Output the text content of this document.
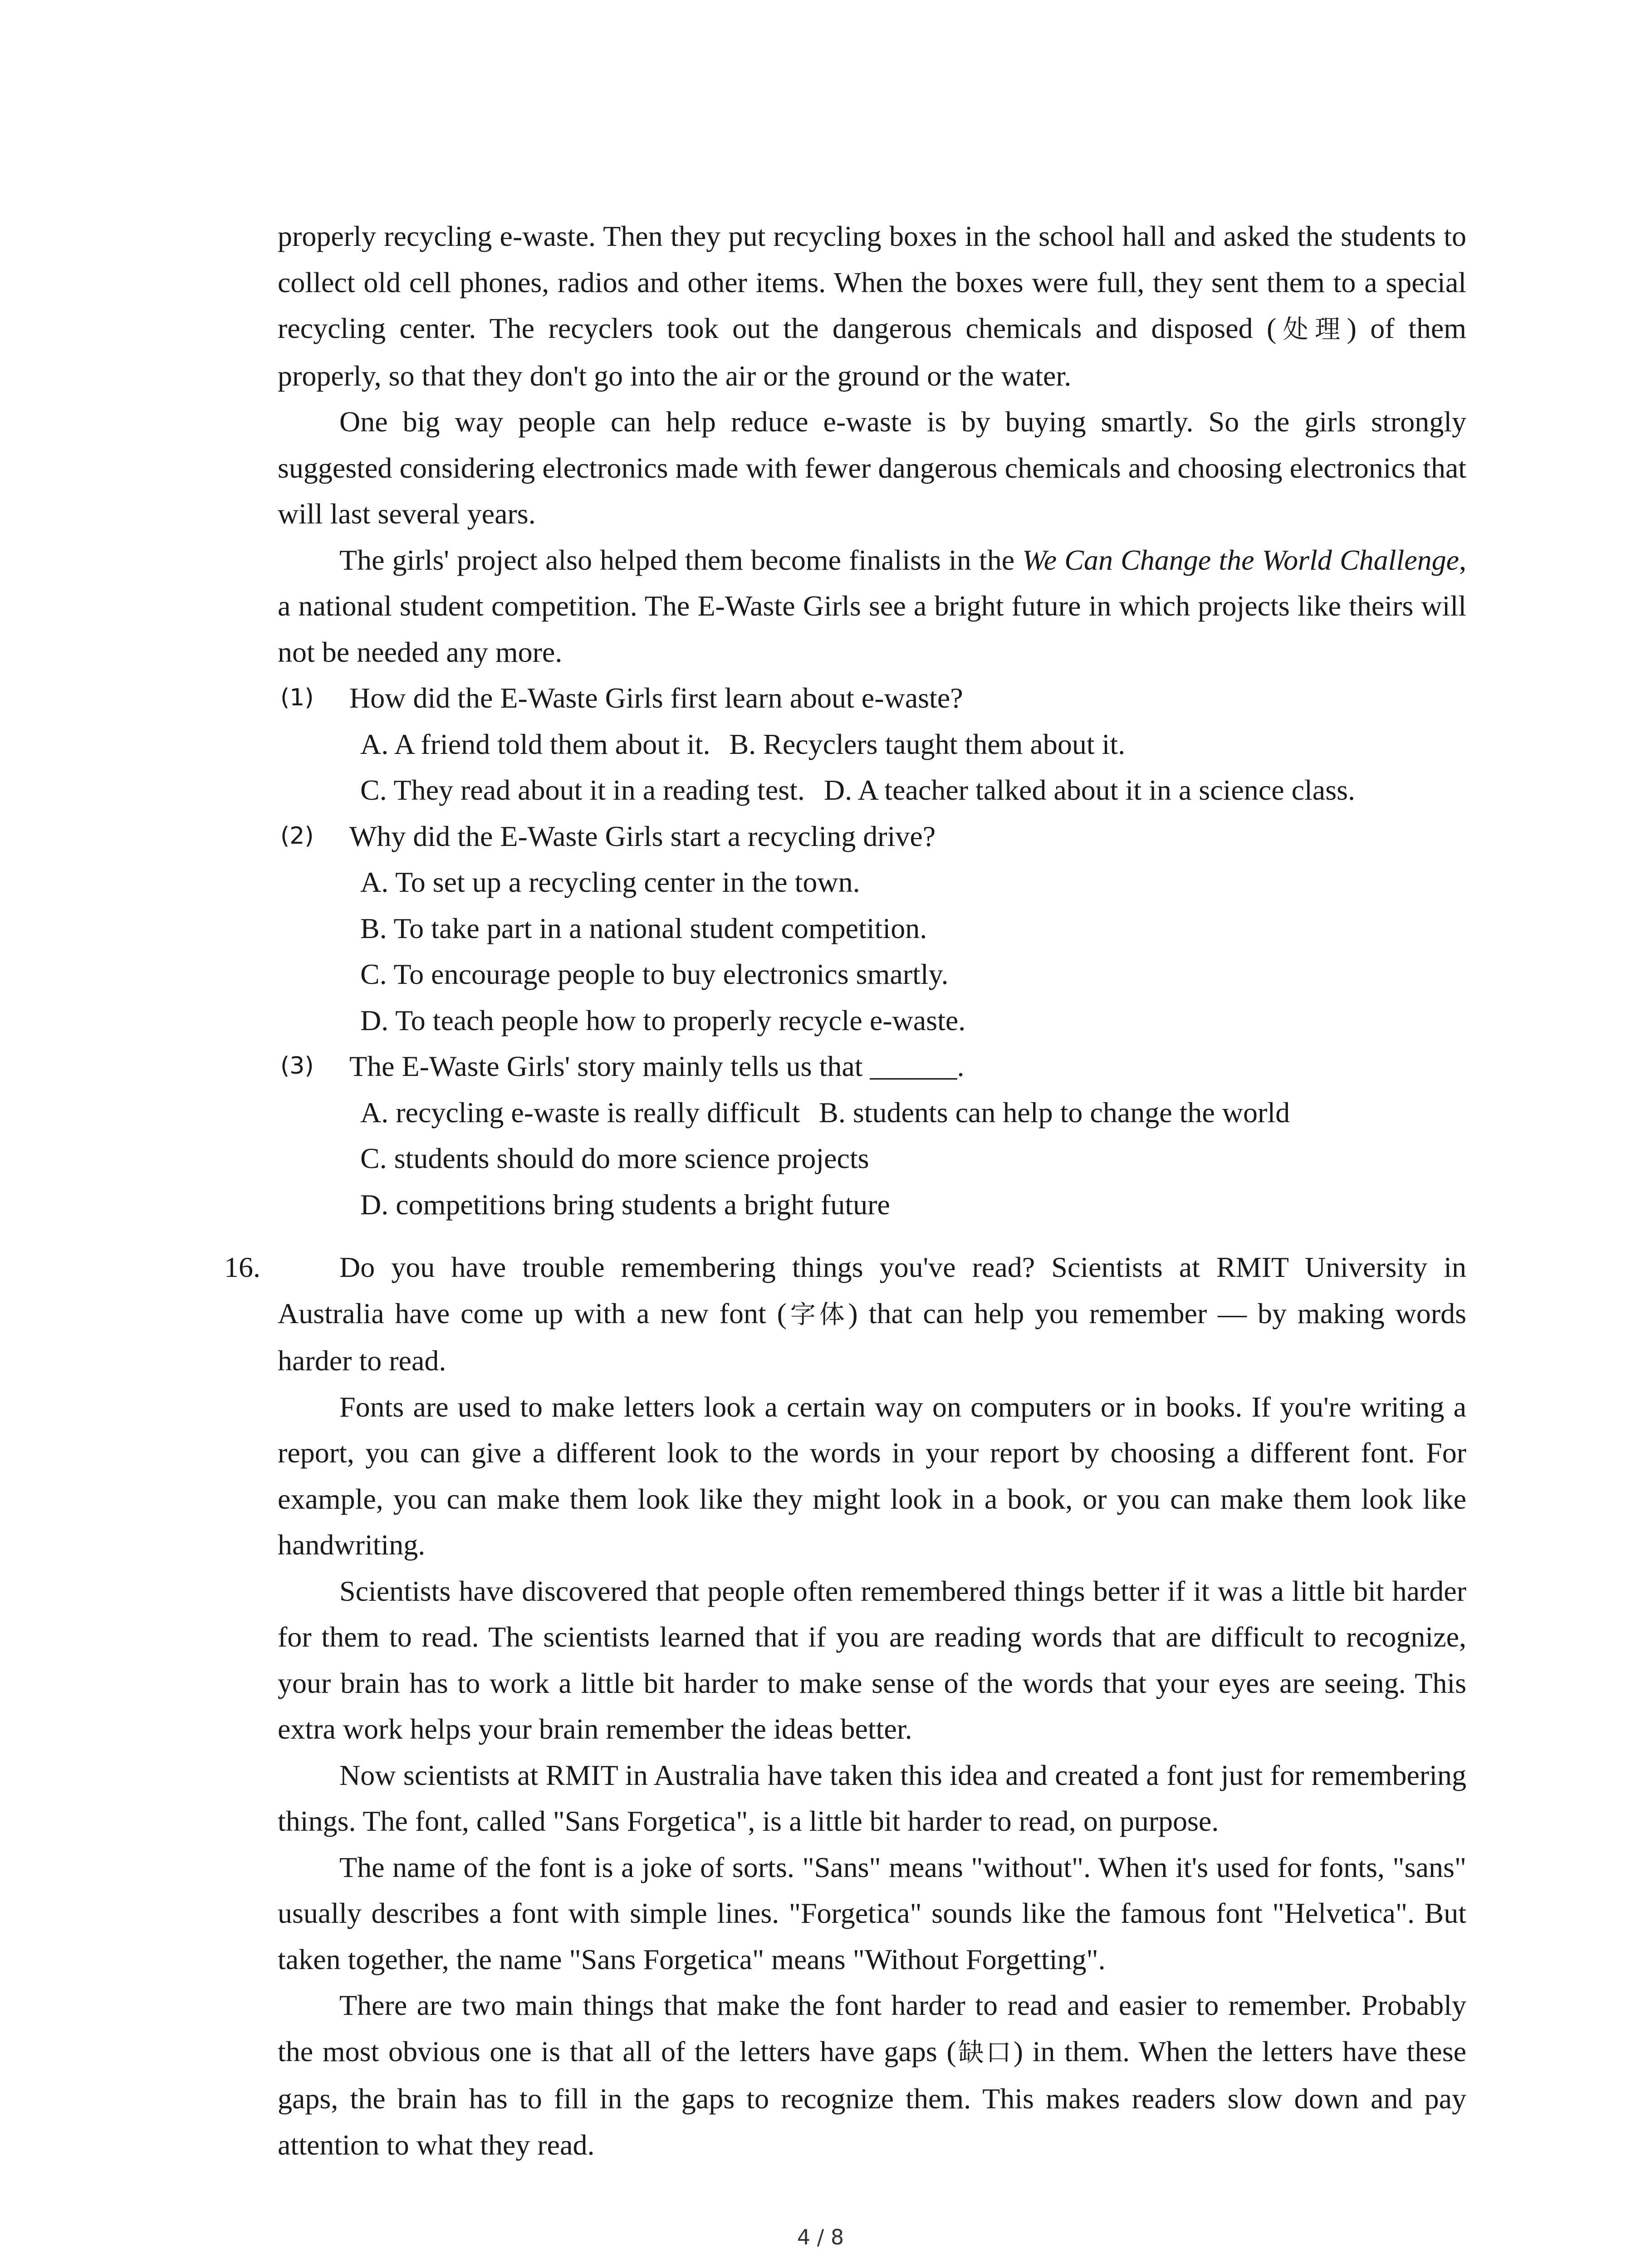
properly recycling e-waste. Then they put recycling boxes in the school hall and asked the students to collect old cell phones, radios and other items. When the boxes were full, they sent them to a special recycling center. The recyclers took out the dangerous chemicals and disposed (处理) of them properly, so that they don't go into the air or the ground or the water.

One big way people can help reduce e-waste is by buying smartly. So the girls strongly suggested considering electronics made with fewer dangerous chemicals and choosing electronics that will last several years.

The girls' project also helped them become finalists in the We Can Change the World Challenge, a national student competition. The E-Waste Girls see a bright future in which projects like theirs will not be needed any more.

(1) How did the E-Waste Girls first learn about e-waste?

A. A friend told them about it. B. Recyclers taught them about it.

C. They read about it in a reading test. D. A teacher talked about it in a science class.

(2) Why did the E-Waste Girls start a recycling drive?

A. To set up a recycling center in the town.

B. To take part in a national student competition.

C. To encourage people to buy electronics smartly.

D. To teach people how to properly recycle e-waste.

(3) The E-Waste Girls' story mainly tells us that ______.

A. recycling e-waste is really difficult B. students can help to change the world

C. students should do more science projects

D. competitions bring students a bright future

16.	Do you have trouble remembering things you've read? Scientists at RMIT University in Australia have come up with a new font (字体) that can help you remember — by making words harder to read.

Fonts are used to make letters look a certain way on computers or in books. If you're writing a report, you can give a different look to the words in your report by choosing a different font. For example, you can make them look like they might look in a book, or you can make them look like handwriting.

Scientists have discovered that people often remembered things better if it was a little bit harder for them to read. The scientists learned that if you are reading words that are difficult to recognize, your brain has to work a little bit harder to make sense of the words that your eyes are seeing. This extra work helps your brain remember the ideas better.

Now scientists at RMIT in Australia have taken this idea and created a font just for remembering things. The font, called "Sans Forgetica", is a little bit harder to read, on purpose.

The name of the font is a joke of sorts. "Sans" means "without". When it's used for fonts, "sans" usually describes a font with simple lines. "Forgetica" sounds like the famous font "Helvetica". But taken together, the name "Sans Forgetica" means "Without Forgetting".

There are two main things that make the font harder to read and easier to remember. Probably the most obvious one is that all of the letters have gaps (缺口) in them. When the letters have these gaps, the brain has to fill in the gaps to recognize them. This makes readers slow down and pay attention to what they read.

4 / 8
